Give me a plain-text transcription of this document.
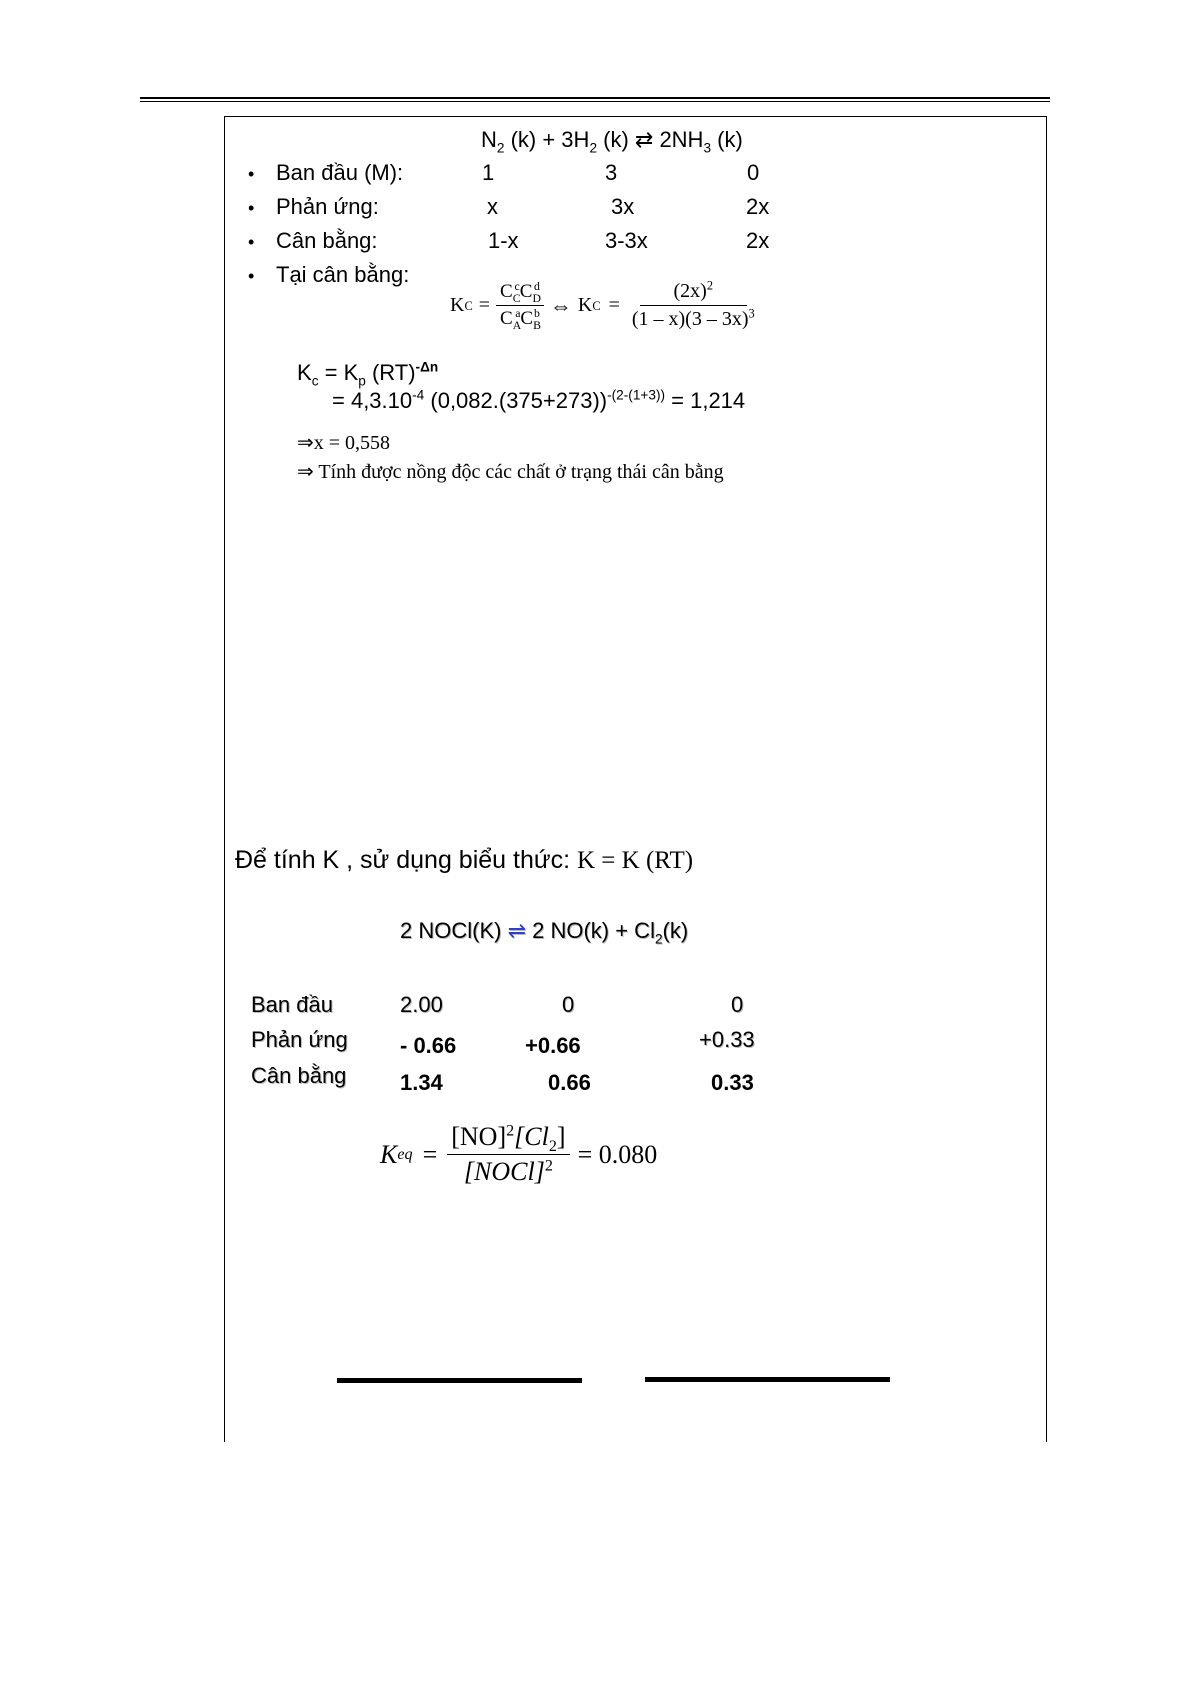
$N_2$ $(k) + 3H_2$ (k) ⇄ $2NH_3$ (k)
• Ban đầu (M):	1	3	0
• Phản ứng:	x	3x	2x
• Cân bằng:	1-x	3-3x	2x
• Tại cân bằng:
K $C = \frac{C_C^cC_D^d}{C_A^aC_B^b}$ ⇔ K $C = \frac{(2x)^2}{(1 - x)(3 - 3x)^3}$
$K_c = K_p$ (RT)$^{-\Delta n}$
= $4,3.10^{-4}$ $(0,082.(375+273))^{-(2-(1+3))} = 1,214$
⇒x = 0,558
⇒ Tính được nồng độc các chất ở trạng thái cân bằng
Để tính K , sử dụng biểu thức: K = K (RT)
2 NOCl(K) ⇌ 2 $NO(k) + Cl_2(k)$
Ban đầu	2.00	0	0
Phản ứng - 0.66	+0.66	+0.33
Cân bằng 1.34	0.66	0.33
K eq = $\frac{[NO]^2[Cl_2]}{[NOCl]^2} = 0.080$
